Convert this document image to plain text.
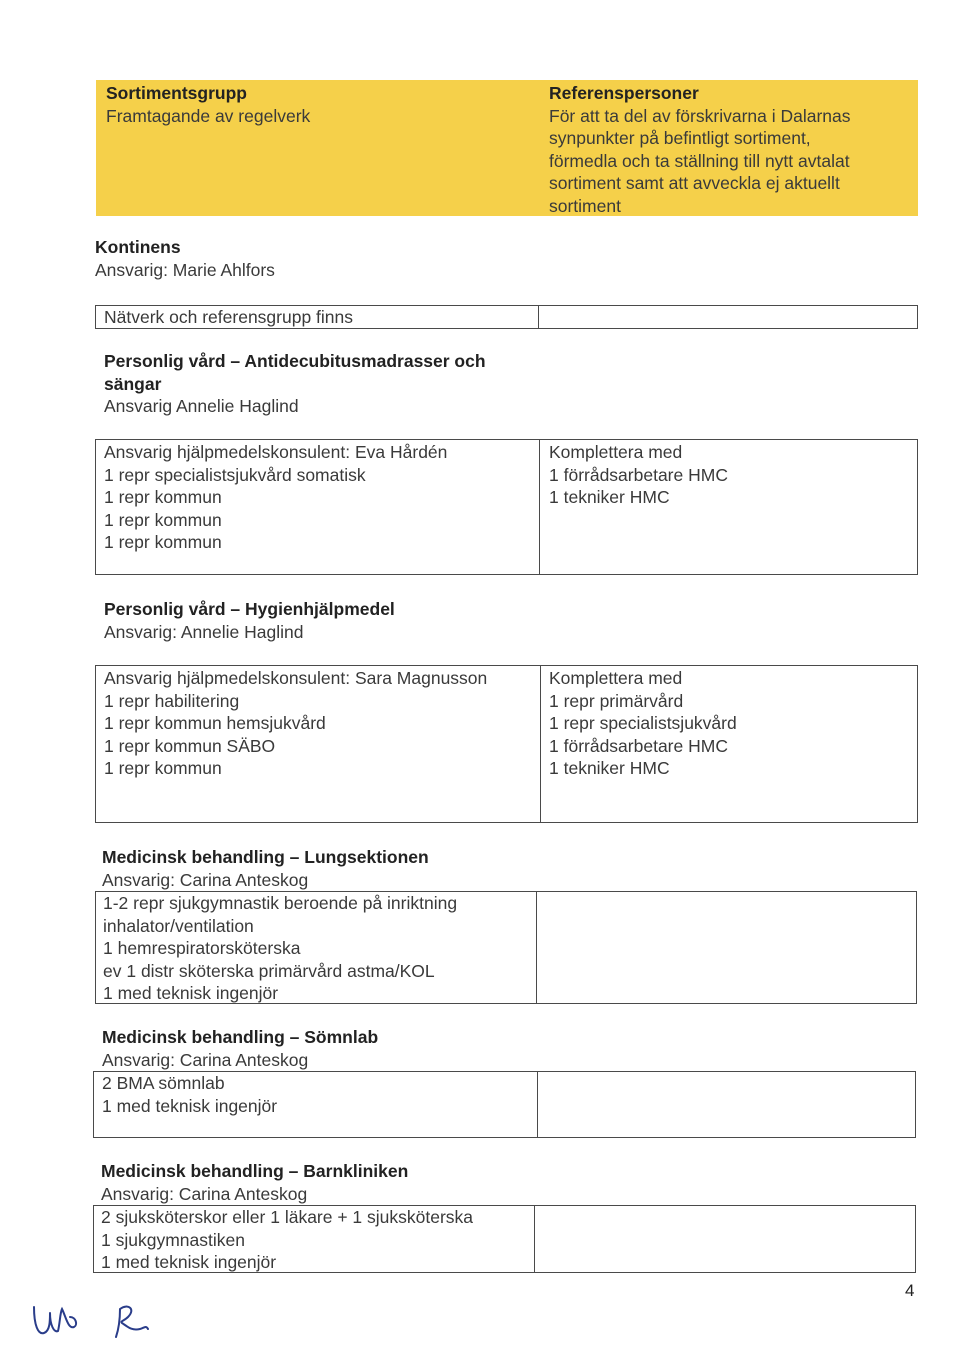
Sortimentsgrupp
Framtagande av regelverk
Referenspersoner
För att ta del av förskrivarna i Dalarnas
synpunkter på befintligt sortiment,
förmedla och ta ställning till nytt avtalat
sortiment samt att avveckla ej aktuellt
sortiment
Kontinens
Ansvarig: Marie Ahlfors
Nätverk och referensgrupp finns
Personlig vård – Antidecubitusmadrasser och
sängar
Ansvarig Annelie Haglind
Ansvarig hjälpmedelskonsulent: Eva Hårdén
1 repr specialistsjukvård somatisk
1 repr kommun
1 repr kommun
1 repr kommun
Komplettera med
1 förrådsarbetare HMC
1 tekniker HMC
Personlig vård – Hygienhjälpmedel
Ansvarig: Annelie Haglind
Ansvarig hjälpmedelskonsulent: Sara Magnusson
1 repr habilitering
1 repr kommun hemsjukvård
1 repr kommun SÄBO
1 repr kommun
Komplettera med
1 repr primärvård
1 repr specialistsjukvård
1 förrådsarbetare HMC
1 tekniker HMC
Medicinsk behandling – Lungsektionen
Ansvarig: Carina Anteskog
1-2 repr sjukgymnastik beroende på inriktning
inhalator/ventilation
1 hemrespiratorsköterska
ev 1 distr sköterska primärvård astma/KOL
1 med teknisk ingenjör
Medicinsk behandling – Sömnlab
Ansvarig: Carina Anteskog
2 BMA sömnlab
1 med teknisk ingenjör
Medicinsk behandling – Barnkliniken
Ansvarig: Carina Anteskog
2 sjuksköterskor eller 1 läkare + 1 sjuksköterska
1 sjukgymnastiken
1 med teknisk ingenjör
4
